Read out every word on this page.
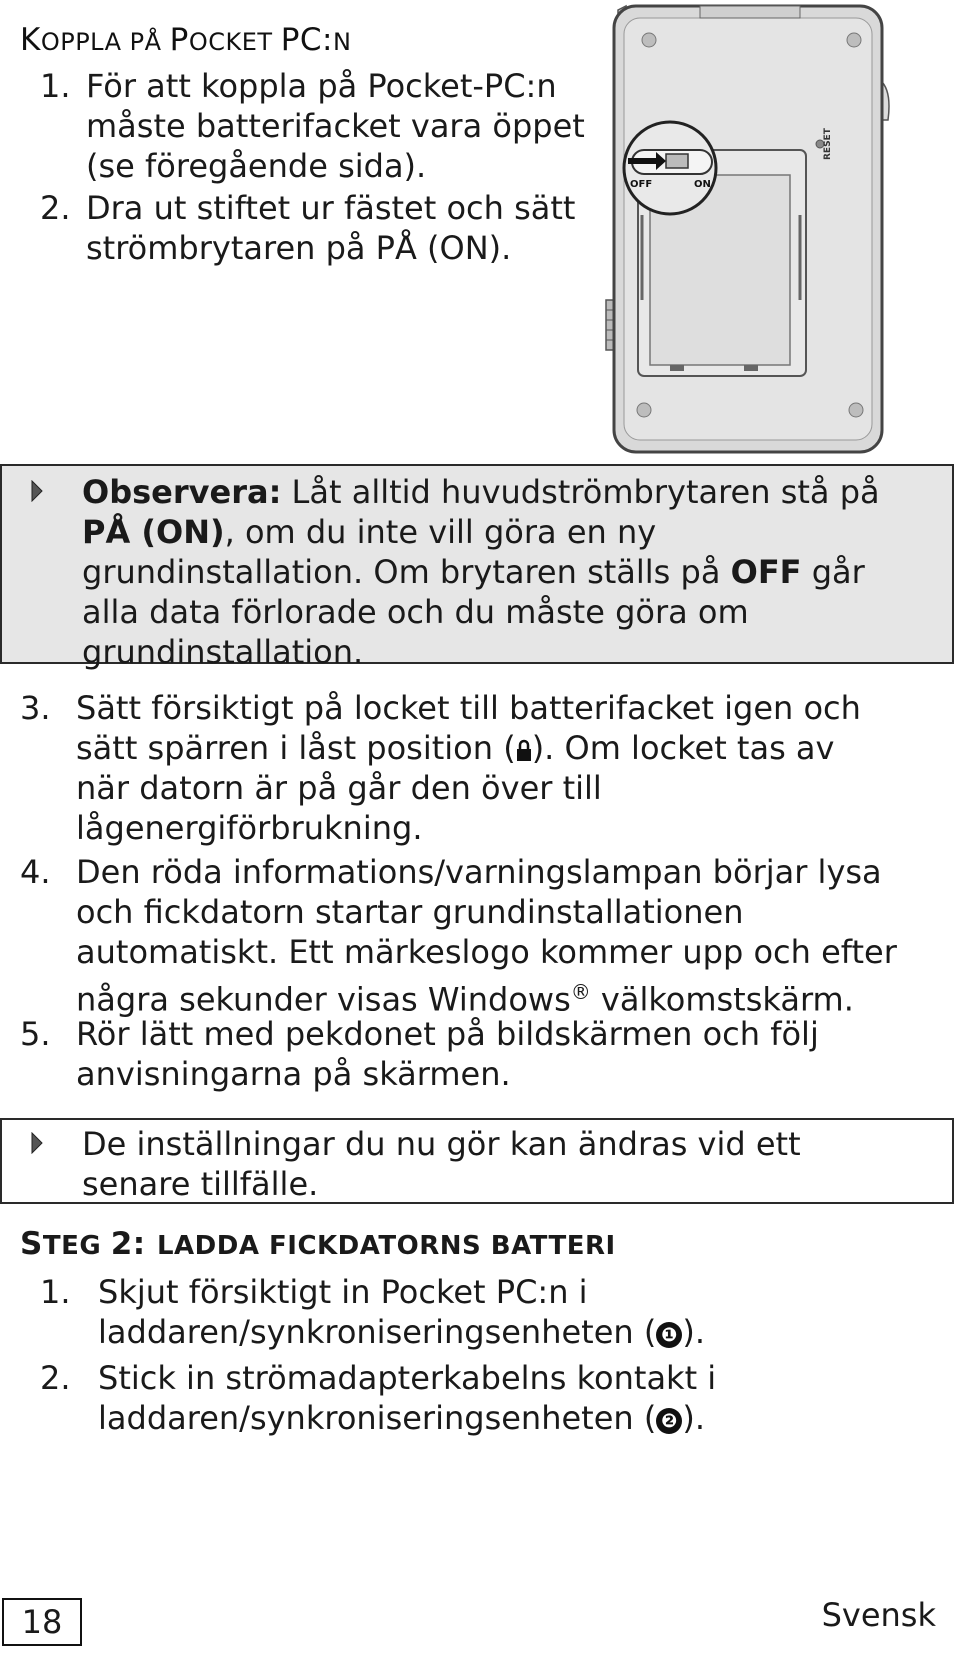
KOPPLA PÅ POCKET PC:N
1. För att koppla på Pocket-PC:n
måste batterifacket vara öppet
(se föregående sida).
2. Dra ut stiftet ur fästet och sätt
strömbrytaren på PÅ (ON).
RESET
OFF	ON
Observera: Låt alltid huvudströmbrytaren stå på
PÅ (ON), om du inte vill göra en ny
grundinstallation. Om brytaren ställs på OFF går
alla data förlorade och du måste göra om
grundinstallation.
3. Sätt försiktigt på locket till batterifacket igen och
sätt spärren i låst position ( ). Om locket tas av
när datorn är på går den över till
lågenergiförbrukning.
4. Den röda informations/varningslampan börjar lysa
och fickdatorn startar grundinstallationen
automatiskt. Ett märkeslogo kommer upp och efter
några sekunder visas Windows® välkomstskärm.
5. Rör lätt med pekdonet på bildskärmen och följ
anvisningarna på skärmen.
De inställningar du nu gör kan ändras vid ett
senare tillfälle.
STEG 2: LADDA FICKDATORNS BATTERI
1. Skjut försiktigt in Pocket PC:n i
laddaren/synkroniseringsenheten ( ❶ ).
2. Stick in strömadapterkabelns kontakt i
laddaren/synkroniseringsenheten ( ❷ ).
18	Svensk
